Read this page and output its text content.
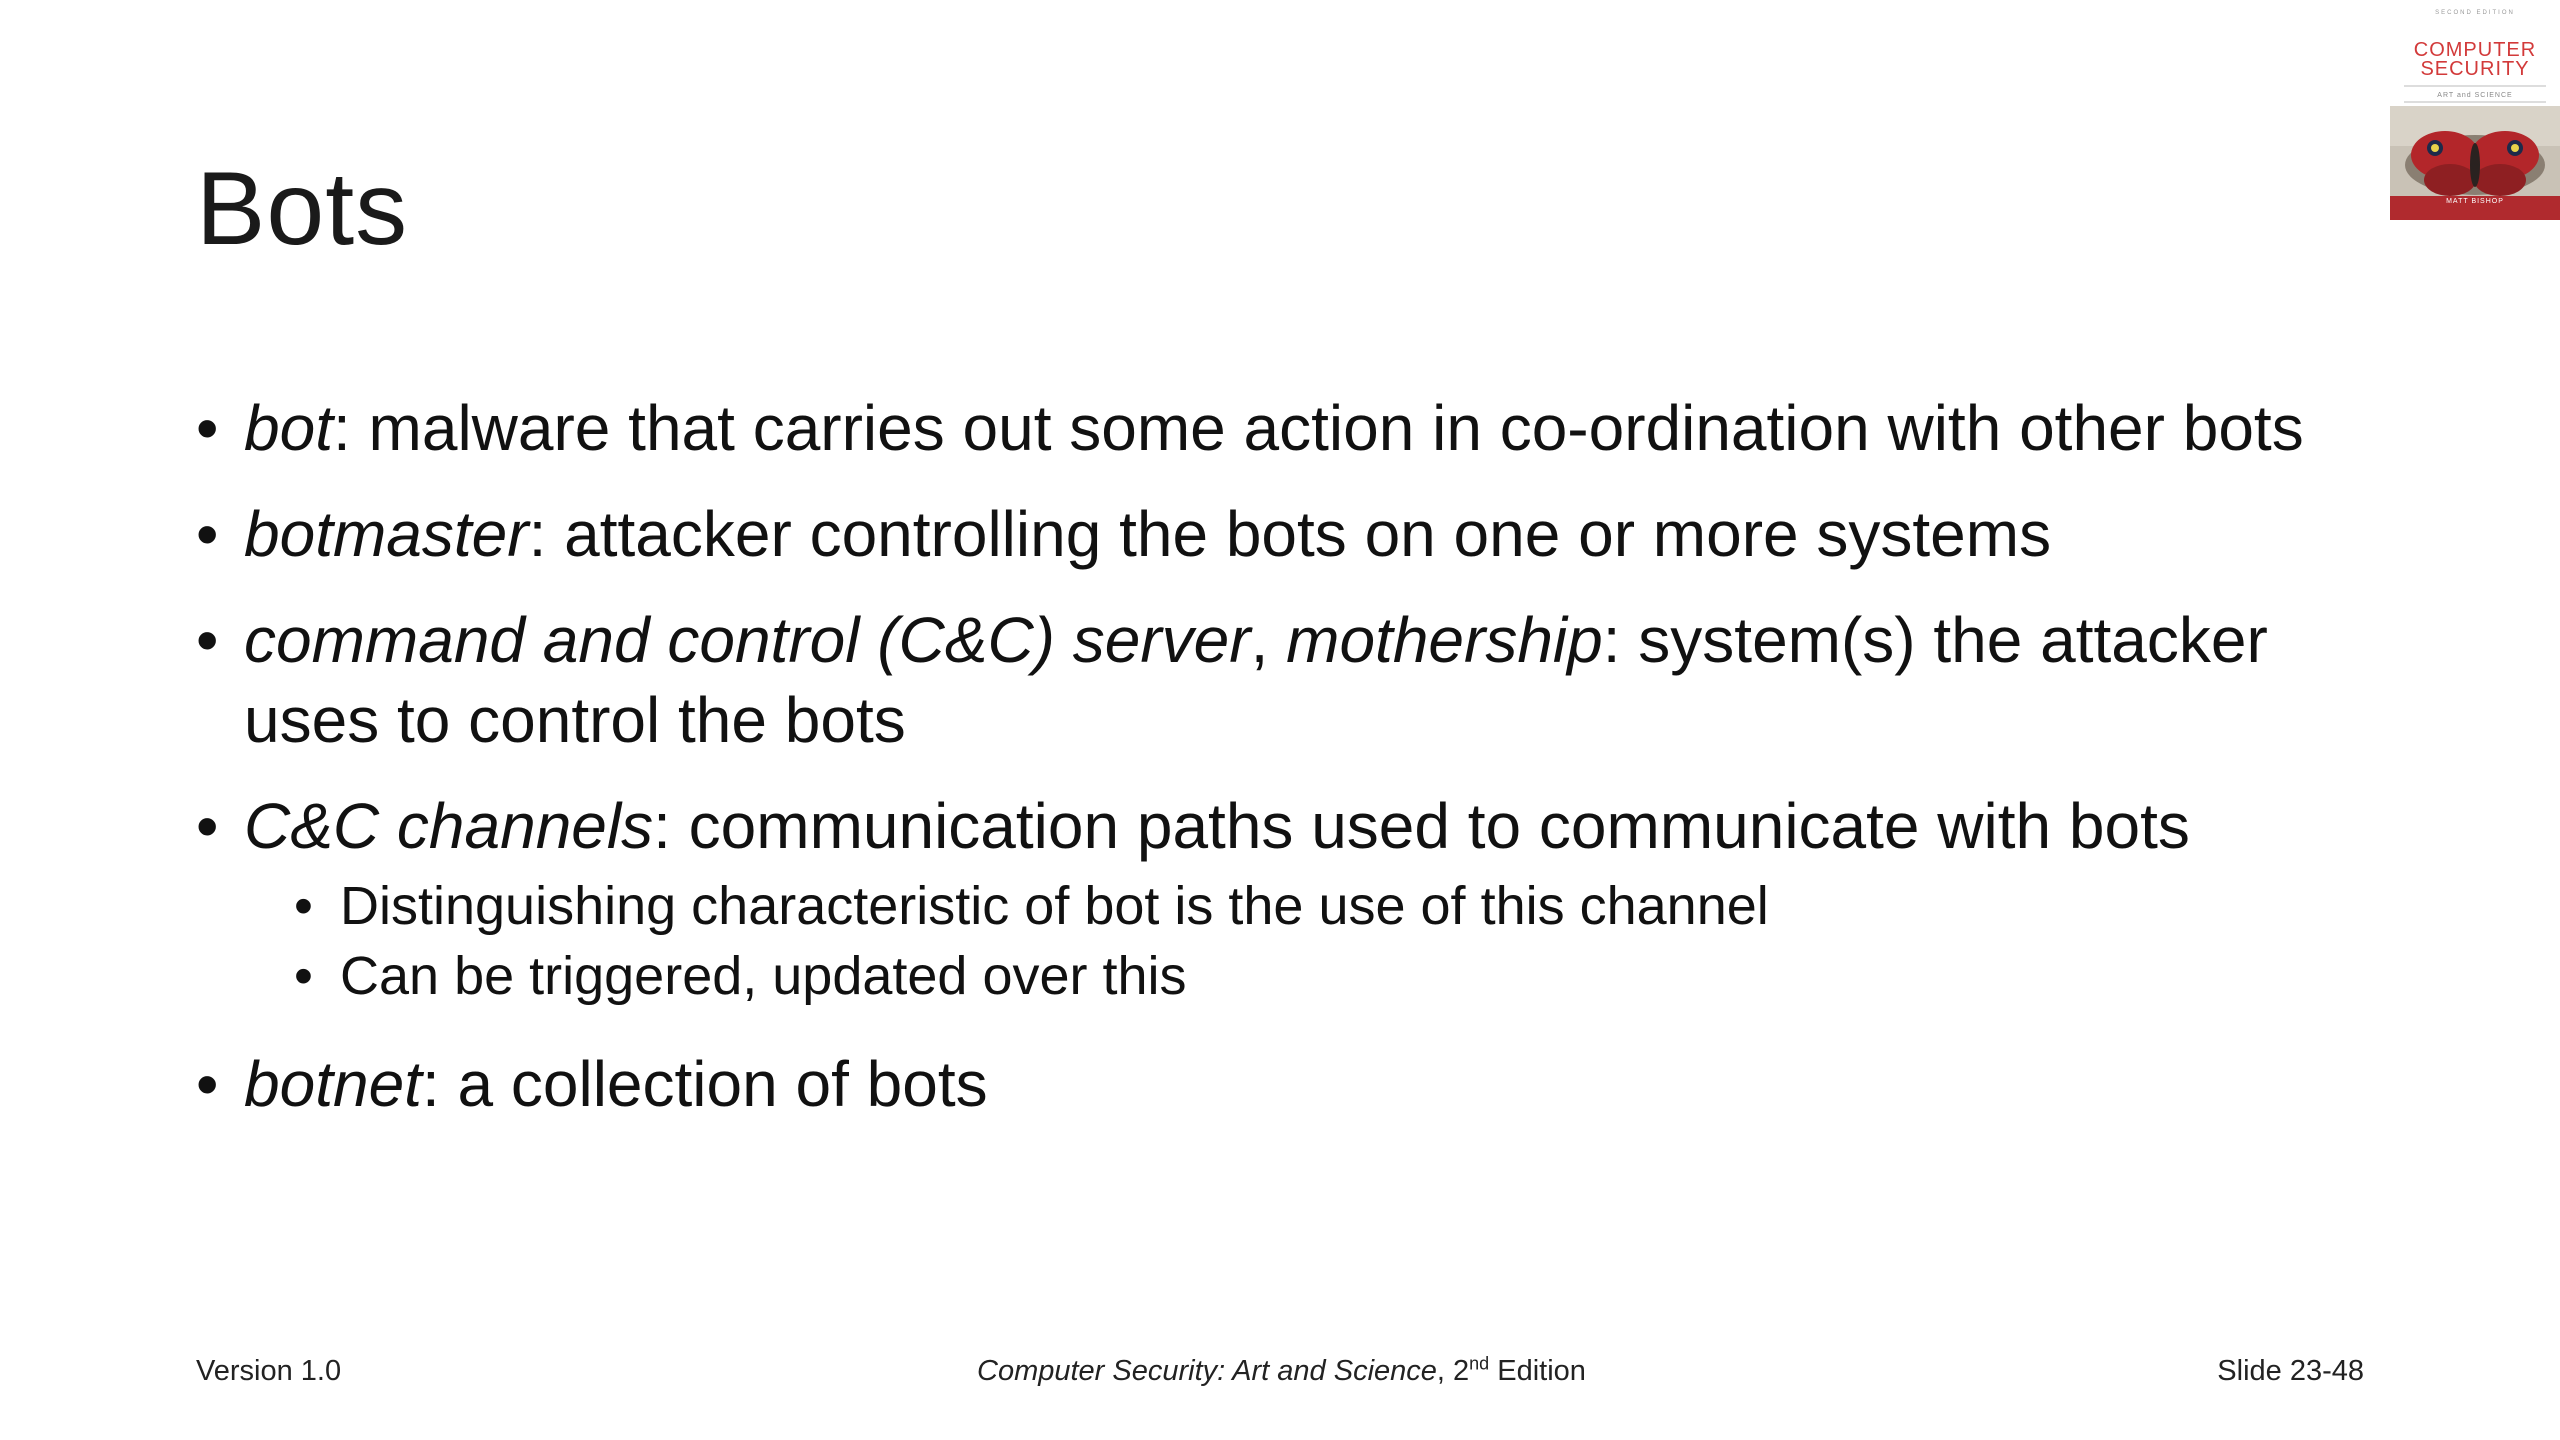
Bots
SECOND EDITION
COMPUTER
SECURITY
ART and SCIENCE
MATT BISHOP
• bot: malware that carries out some action in co-ordination with other bots
• botmaster: attacker controlling the bots on one or more systems
• command and control (C&C) server, mothership: system(s) the attacker uses to control the bots
• C&C channels: communication paths used to communicate with bots
• Distinguishing characteristic of bot is the use of this channel
• Can be triggered, updated over this
• botnet: a collection of bots
Version 1.0	Computer Security: Art and Science, 2nd Edition	Slide 23-48
